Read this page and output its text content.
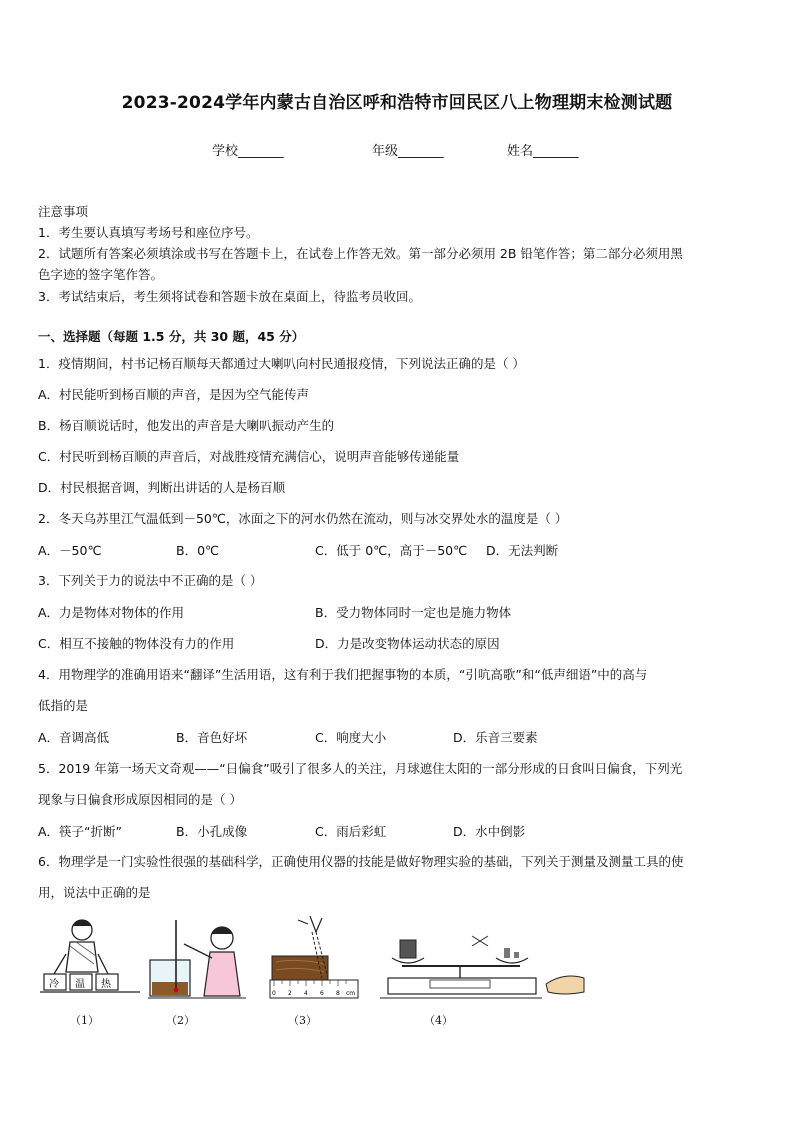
2023-2024学年内蒙古自治区呼和浩特市回民区八上物理期末检测试题
学校_______	年级_______	姓名_______
注意事项
1．考生要认真填写考场号和座位序号。
2．试题所有答案必须填涂或书写在答题卡上，在试卷上作答无效。第一部分必须用 2B 铅笔作答；第二部分必须用黑
色字迹的签字笔作答。
3．考试结束后，考生须将试卷和答题卡放在桌面上，待监考员收回。
一、选择题（每题 1.5 分，共 30 题，45 分）
1．疫情期间，村书记杨百顺每天都通过大喇叭向村民通报疫情，下列说法正确的是（ ）
A．村民能听到杨百顺的声音，是因为空气能传声
B．杨百顺说话时，他发出的声音是大喇叭振动产生的
C．村民听到杨百顺的声音后，对战胜疫情充满信心，说明声音能够传递能量
D．村民根据音调，判断出讲话的人是杨百顺
2．冬天乌苏里江气温低到－50℃，冰面之下的河水仍然在流动，则与冰交界处水的温度是（ ）
A．－50℃	B．0℃	C．低于 0℃，高于－50℃ D．无法判断
3．下列关于力的说法中不正确的是（ ）
A．力是物体对物体的作用	B．受力物体同时一定也是施力物体
C．相互不接触的物体没有力的作用	D．力是改变物体运动状态的原因
4．用物理学的准确用语来“翻译”生活用语，这有利于我们把握事物的本质，“引吭高歌”和“低声细语”中的高与
低指的是
A．音调高低	B．音色好坏	C．响度大小	D．乐音三要素
5．2019 年第一场天文奇观——“日偏食”吸引了很多人的关注，月球遮住太阳的一部分形成的日食叫日偏食，下列光
现象与日偏食形成原因相同的是（ ）
A．筷子“折断”	B．小孔成像	C．雨后彩虹	D．水中倒影
6．物理学是一门实验性很强的基础科学，正确使用仪器的技能是做好物理实验的基础，下列关于测量及测量工具的使
用，说法中正确的是
冷 温 热
0 2 4 6 8 cm
（1）	（2）	（3）	（4）
